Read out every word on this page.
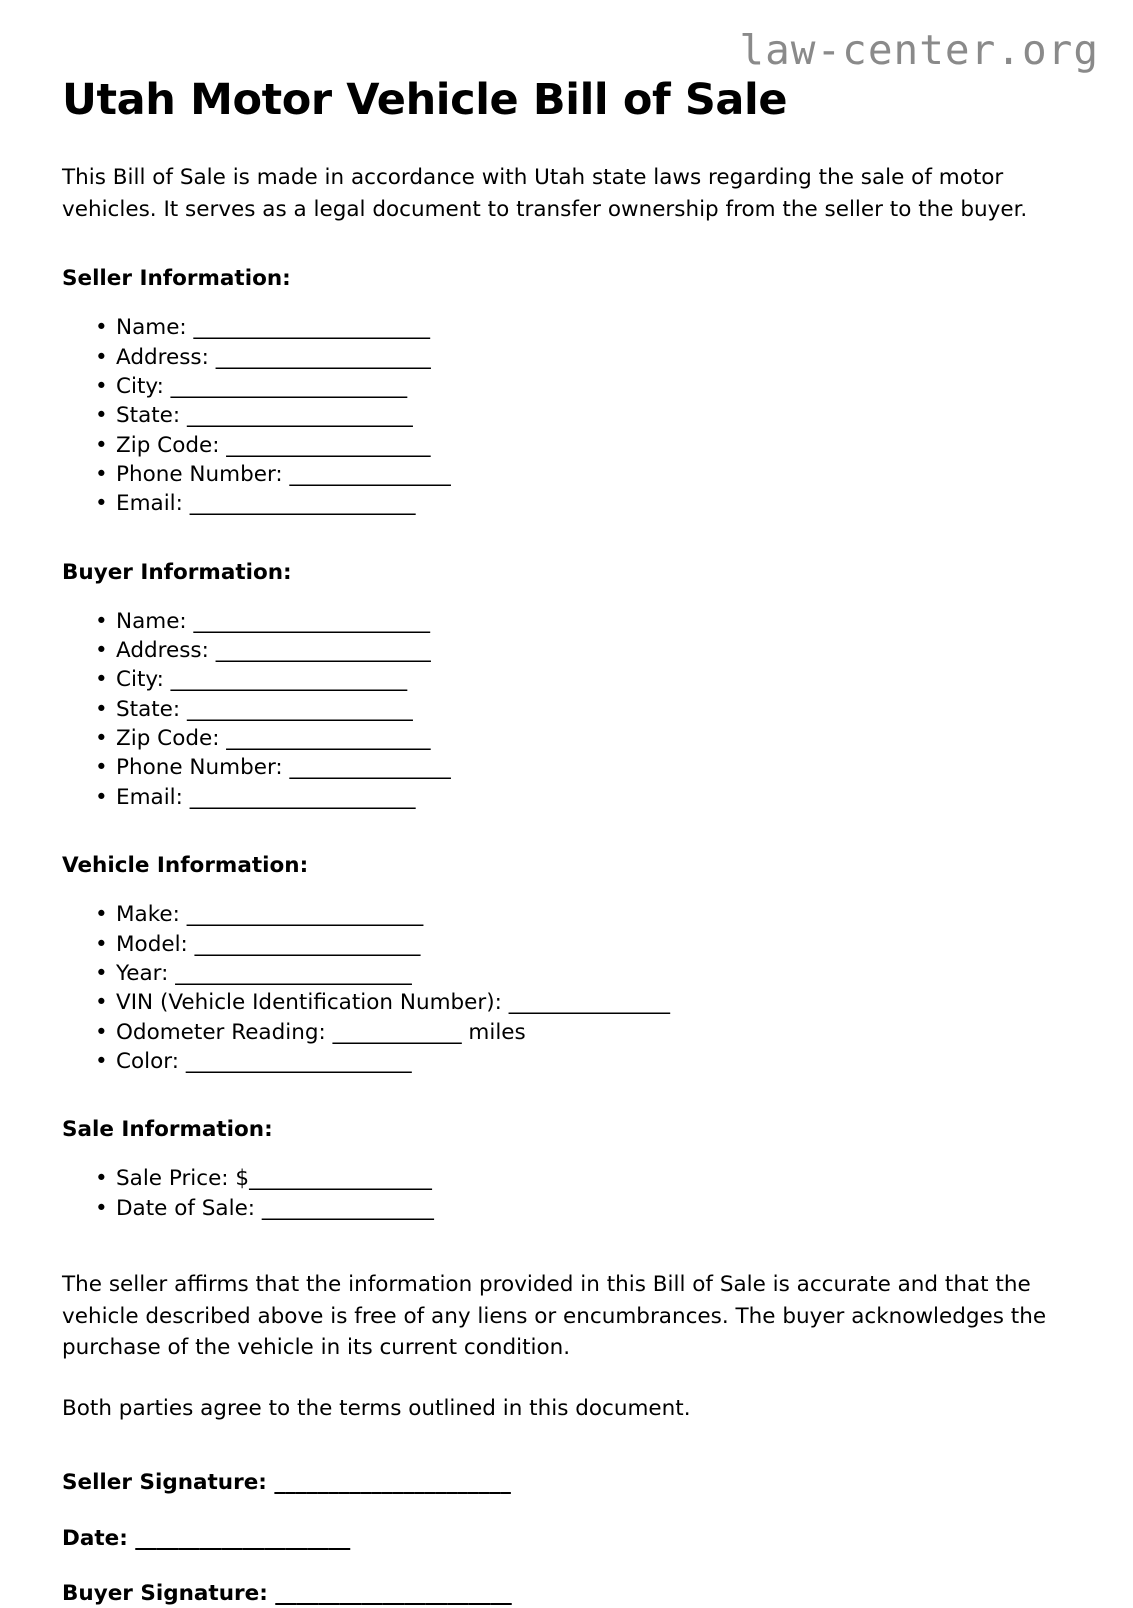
law-center.org
Utah Motor Vehicle Bill of Sale

This Bill of Sale is made in accordance with Utah state laws regarding the sale of motor vehicles. It serves as a legal document to transfer ownership from the seller to the buyer.

Seller Information:
• Name: ______________________
• Address: ____________________
• City: ______________________
• State: _____________________
• Zip Code: ___________________
• Phone Number: _______________
• Email: _____________________
Buyer Information:
• Name: ______________________
• Address: ____________________
• City: ______________________
• State: _____________________
• Zip Code: ___________________
• Phone Number: _______________
• Email: _____________________
Vehicle Information:
• Make: ______________________
• Model: _____________________
• Year: ______________________
• VIN (Vehicle Identification Number): _______________
• Odometer Reading: ____________ miles
• Color: _____________________
Sale Information:
• Sale Price: $_________________
• Date of Sale: ________________

The seller affirms that the information provided in this Bill of Sale is accurate and that the vehicle described above is free of any liens or encumbrances. The buyer acknowledges the purchase of the vehicle in its current condition.

Both parties agree to the terms outlined in this document.

Seller Signature: ______________________

Date: ____________________

Buyer Signature: ______________________
